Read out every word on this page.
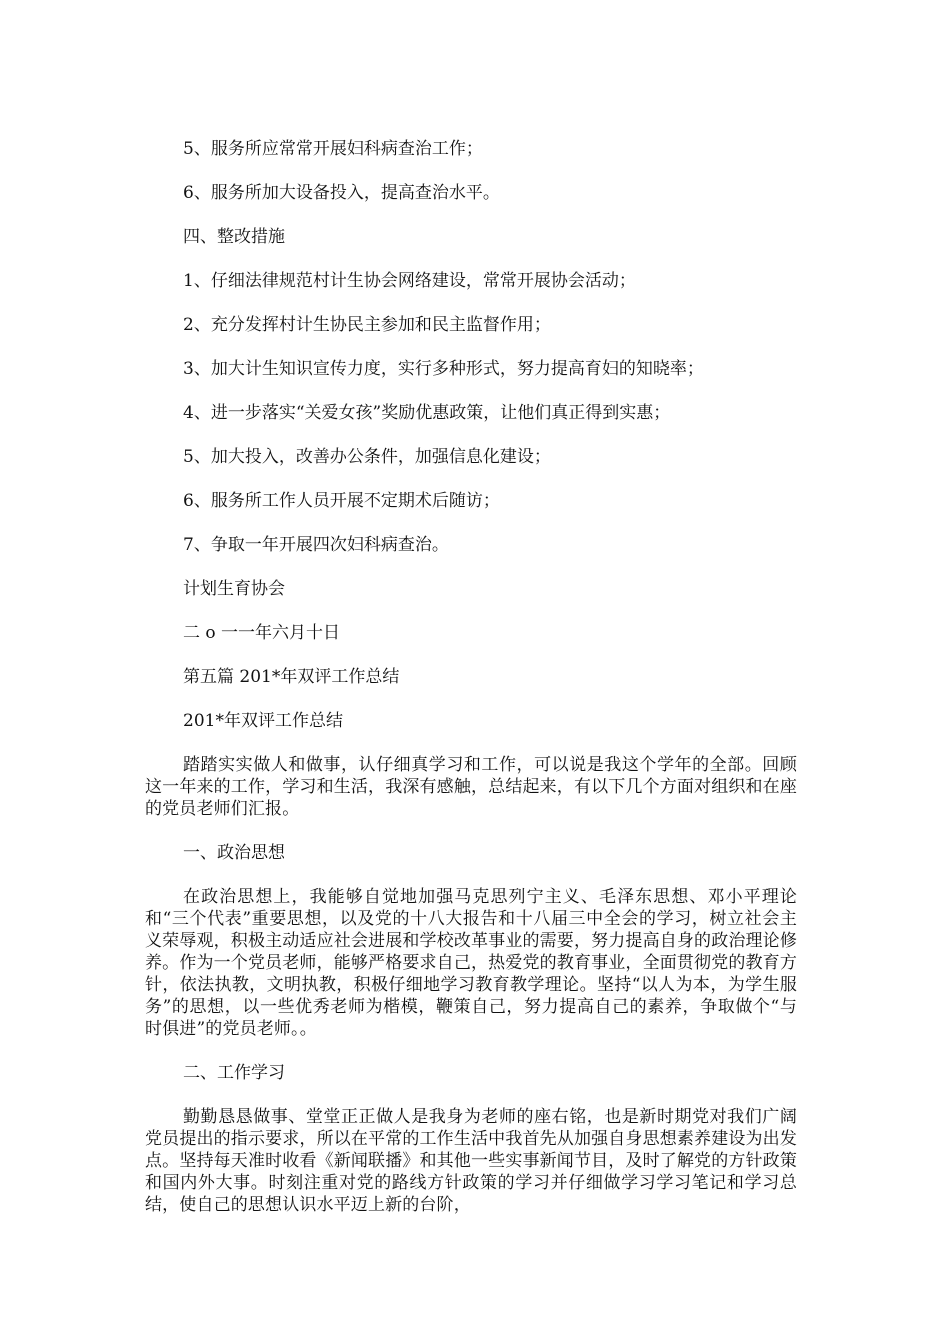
5、服务所应常常开展妇科病查治工作；
6、服务所加大设备投入，提高查治水平。
四、整改措施
1、仔细法律规范村计生协会网络建设，常常开展协会活动；
2、充分发挥村计生协民主参加和民主监督作用；
3、加大计生知识宣传力度，实行多种形式，努力提高育妇的知晓率；
4、进一步落实“关爱女孩”奖励优惠政策，让他们真正得到实惠；
5、加大投入，改善办公条件，加强信息化建设；
6、服务所工作人员开展不定期术后随访；
7、争取一年开展四次妇科病查治。
计划生育协会
二 o 一一年六月十日
第五篇 201*年双评工作总结
201*年双评工作总结
踏踏实实做人和做事，认仔细真学习和工作，可以说是我这个学年的全部。回顾这一年来的工作，学习和生活，我深有感触，总结起来，有以下几个方面对组织和在座的党员老师们汇报。
一、政治思想
在政治思想上，我能够自觉地加强马克思列宁主义、毛泽东思想、邓小平理论和“三个代表”重要思想，以及党的十八大报告和十八届三中全会的学习，树立社会主义荣辱观，积极主动适应社会进展和学校改革事业的需要，努力提高自身的政治理论修养。作为一个党员老师，能够严格要求自己，热爱党的教育事业，全面贯彻党的教育方针，依法执教，文明执教，积极仔细地学习教育教学理论。坚持“以人为本，为学生服务”的思想，以一些优秀老师为楷模，鞭策自己，努力提高自己的素养，争取做个“与时俱进”的党员老师。。
二、工作学习
勤勤恳恳做事、堂堂正正做人是我身为老师的座右铭，也是新时期党对我们广阔党员提出的指示要求，所以在平常的工作生活中我首先从加强自身思想素养建设为出发点。坚持每天准时收看《新闻联播》和其他一些实事新闻节目，及时了解党的方针政策和国内外大事。时刻注重对党的路线方针政策的学习并仔细做学习学习笔记和学习总结，使自己的思想认识水平迈上新的台阶，
